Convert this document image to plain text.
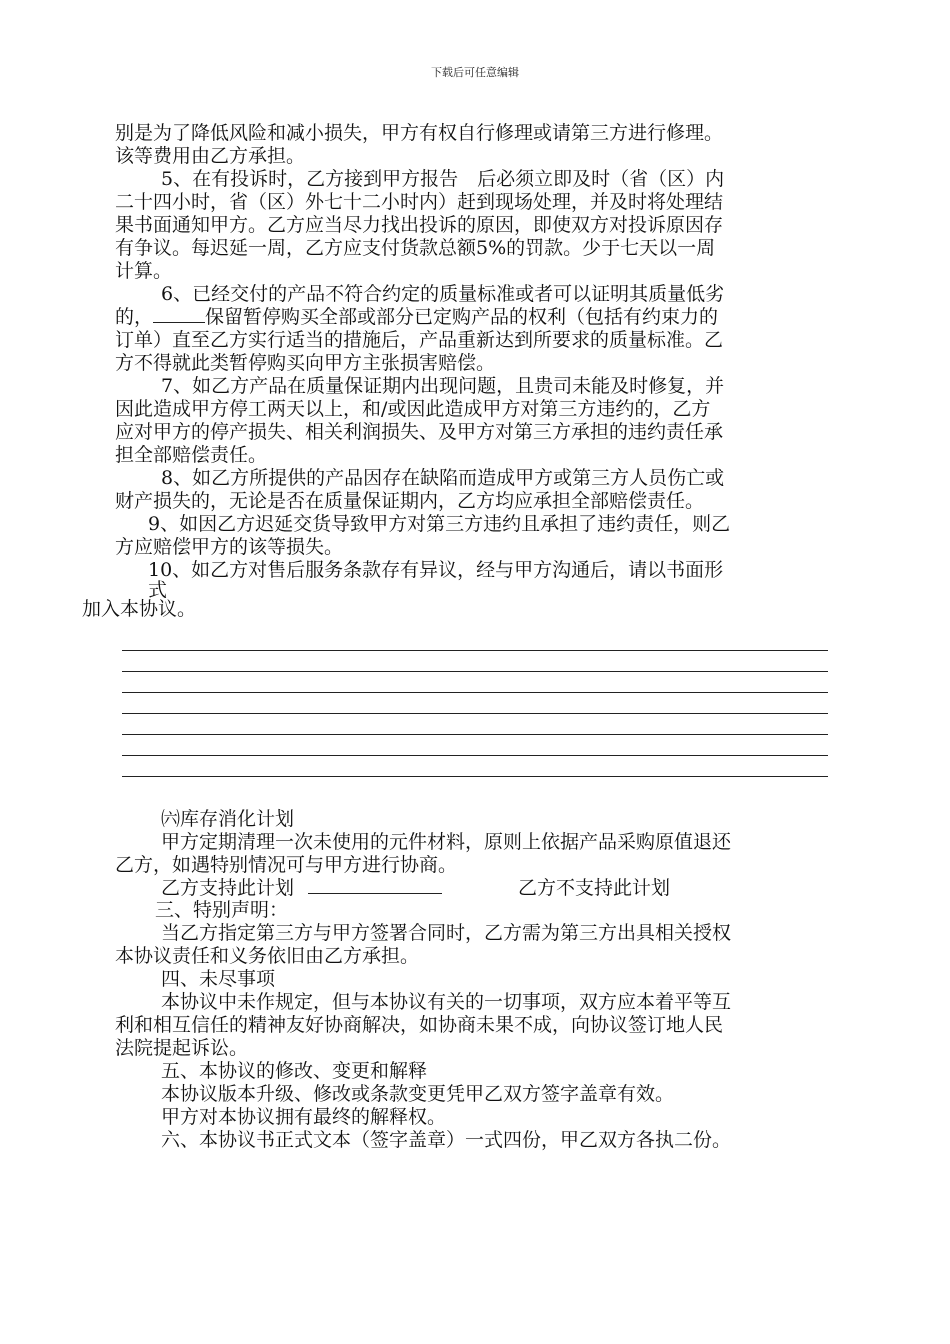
下载后可任意编辑
别是为了降低风险和减小损失，甲方有权自行修理或请第三方进行修理。
该等费用由乙方承担。
5、在有投诉时，乙方接到甲方报告　后必须立即及时（省（区）内
二十四小时，省（区）外七十二小时内）赶到现场处理，并及时将处理结
果书面通知甲方。乙方应当尽力找出投诉的原因，即使双方对投诉原因存
有争议。每迟延一周，乙方应支付货款总额5%的罚款。少于七天以一周
计算。
6、已经交付的产品不符合约定的质量标准或者可以证明其质量低劣
的，	保留暂停购买全部或部分已定购产品的权利（包括有约束力的
订单）直至乙方实行适当的措施后，产品重新达到所要求的质量标准。乙
方不得就此类暂停购买向甲方主张损害赔偿。
7、如乙方产品在质量保证期内出现问题，且贵司未能及时修复，并
因此造成甲方停工两天以上，和/或因此造成甲方对第三方违约的，乙方
应对甲方的停产损失、相关利润损失、及甲方对第三方承担的违约责任承
担全部赔偿责任。
8、如乙方所提供的产品因存在缺陷而造成甲方或第三方人员伤亡或
财产损失的，无论是否在质量保证期内，乙方均应承担全部赔偿责任。
9、如因乙方迟延交货导致甲方对第三方违约且承担了违约责任，则乙
方应赔偿甲方的该等损失。
10、如乙方对售后服务条款存有异议，经与甲方沟通后，请以书面形
式
加入本协议。
㈥库存消化计划
甲方定期清理一次未使用的元件材料，原则上依据产品采购原值退还
乙方，如遇特别情况可与甲方进行协商。
乙方支持此计划	乙方不支持此计划
三、特别声明：
当乙方指定第三方与甲方签署合同时，乙方需为第三方出具相关授权
本协议责任和义务依旧由乙方承担。
四、未尽事项
本协议中未作规定，但与本协议有关的一切事项，双方应本着平等互
利和相互信任的精神友好协商解决，如协商未果不成，向协议签订地人民
法院提起诉讼。
五、本协议的修改、变更和解释
本协议版本升级、修改或条款变更凭甲乙双方签字盖章有效。
甲方对本协议拥有最终的解释权。
六、本协议书正式文本（签字盖章）一式四份，甲乙双方各执二份。
